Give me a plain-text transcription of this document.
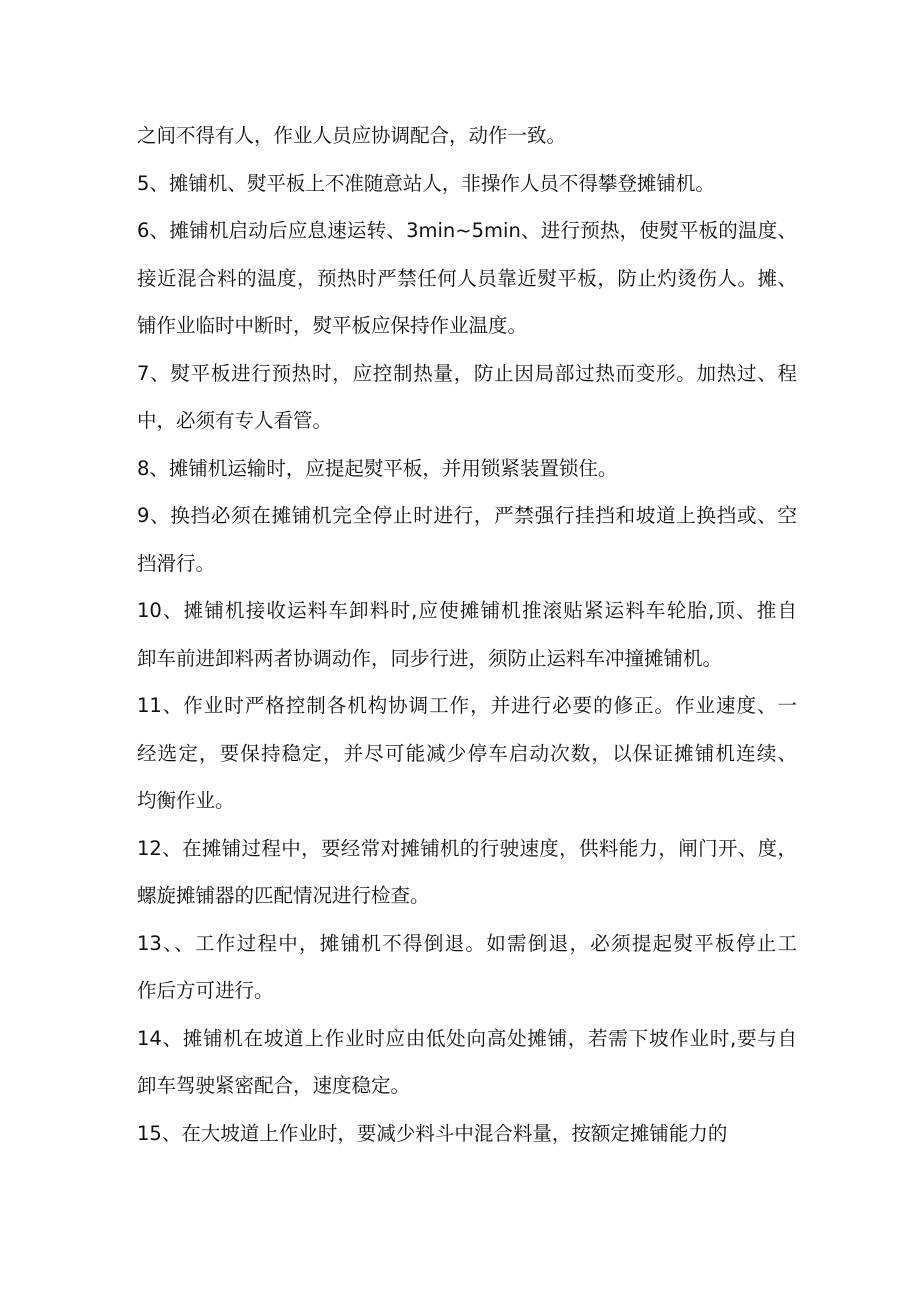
之间不得有人，作业人员应协调配合，动作一致。
5、摊铺机、熨平板上不准随意站人，非操作人员不得攀登摊铺机。
6、摊铺机启动后应息速运转、3min~5min、进行预热，使熨平板的温度、
接近混合料的温度，预热时严禁任何人员靠近熨平板，防止灼烫伤人。摊、
铺作业临时中断时，熨平板应保持作业温度。
7、熨平板进行预热时，应控制热量，防止因局部过热而变形。加热过、程
中，必须有专人看管。
8、摊铺机运输时，应提起熨平板，并用锁紧装置锁住。
9、换挡必须在摊铺机完全停止时进行，严禁强行挂挡和坡道上换挡或、空
挡滑行。
10、摊铺机接收运料车卸料时,应使摊铺机推滚贴紧运料车轮胎,顶、推自
卸车前进卸料两者协调动作，同步行进，须防止运料车冲撞摊铺机。
11、作业时严格控制各机构协调工作，并进行必要的修正。作业速度、一
经选定，要保持稳定，并尽可能减少停车启动次数，以保证摊铺机连续、
均衡作业。
12、在摊铺过程中，要经常对摊铺机的行驶速度，供料能力，闸门开、度，
螺旋摊铺器的匹配情况进行检查。
13、、工作过程中，摊铺机不得倒退。如需倒退，必须提起熨平板停止工
作后方可进行。
14、摊铺机在坡道上作业时应由低处向高处摊铺，若需下坡作业时,要与自
卸车驾驶紧密配合，速度稳定。
15、在大坡道上作业时，要减少料斗中混合料量，按额定摊铺能力的
